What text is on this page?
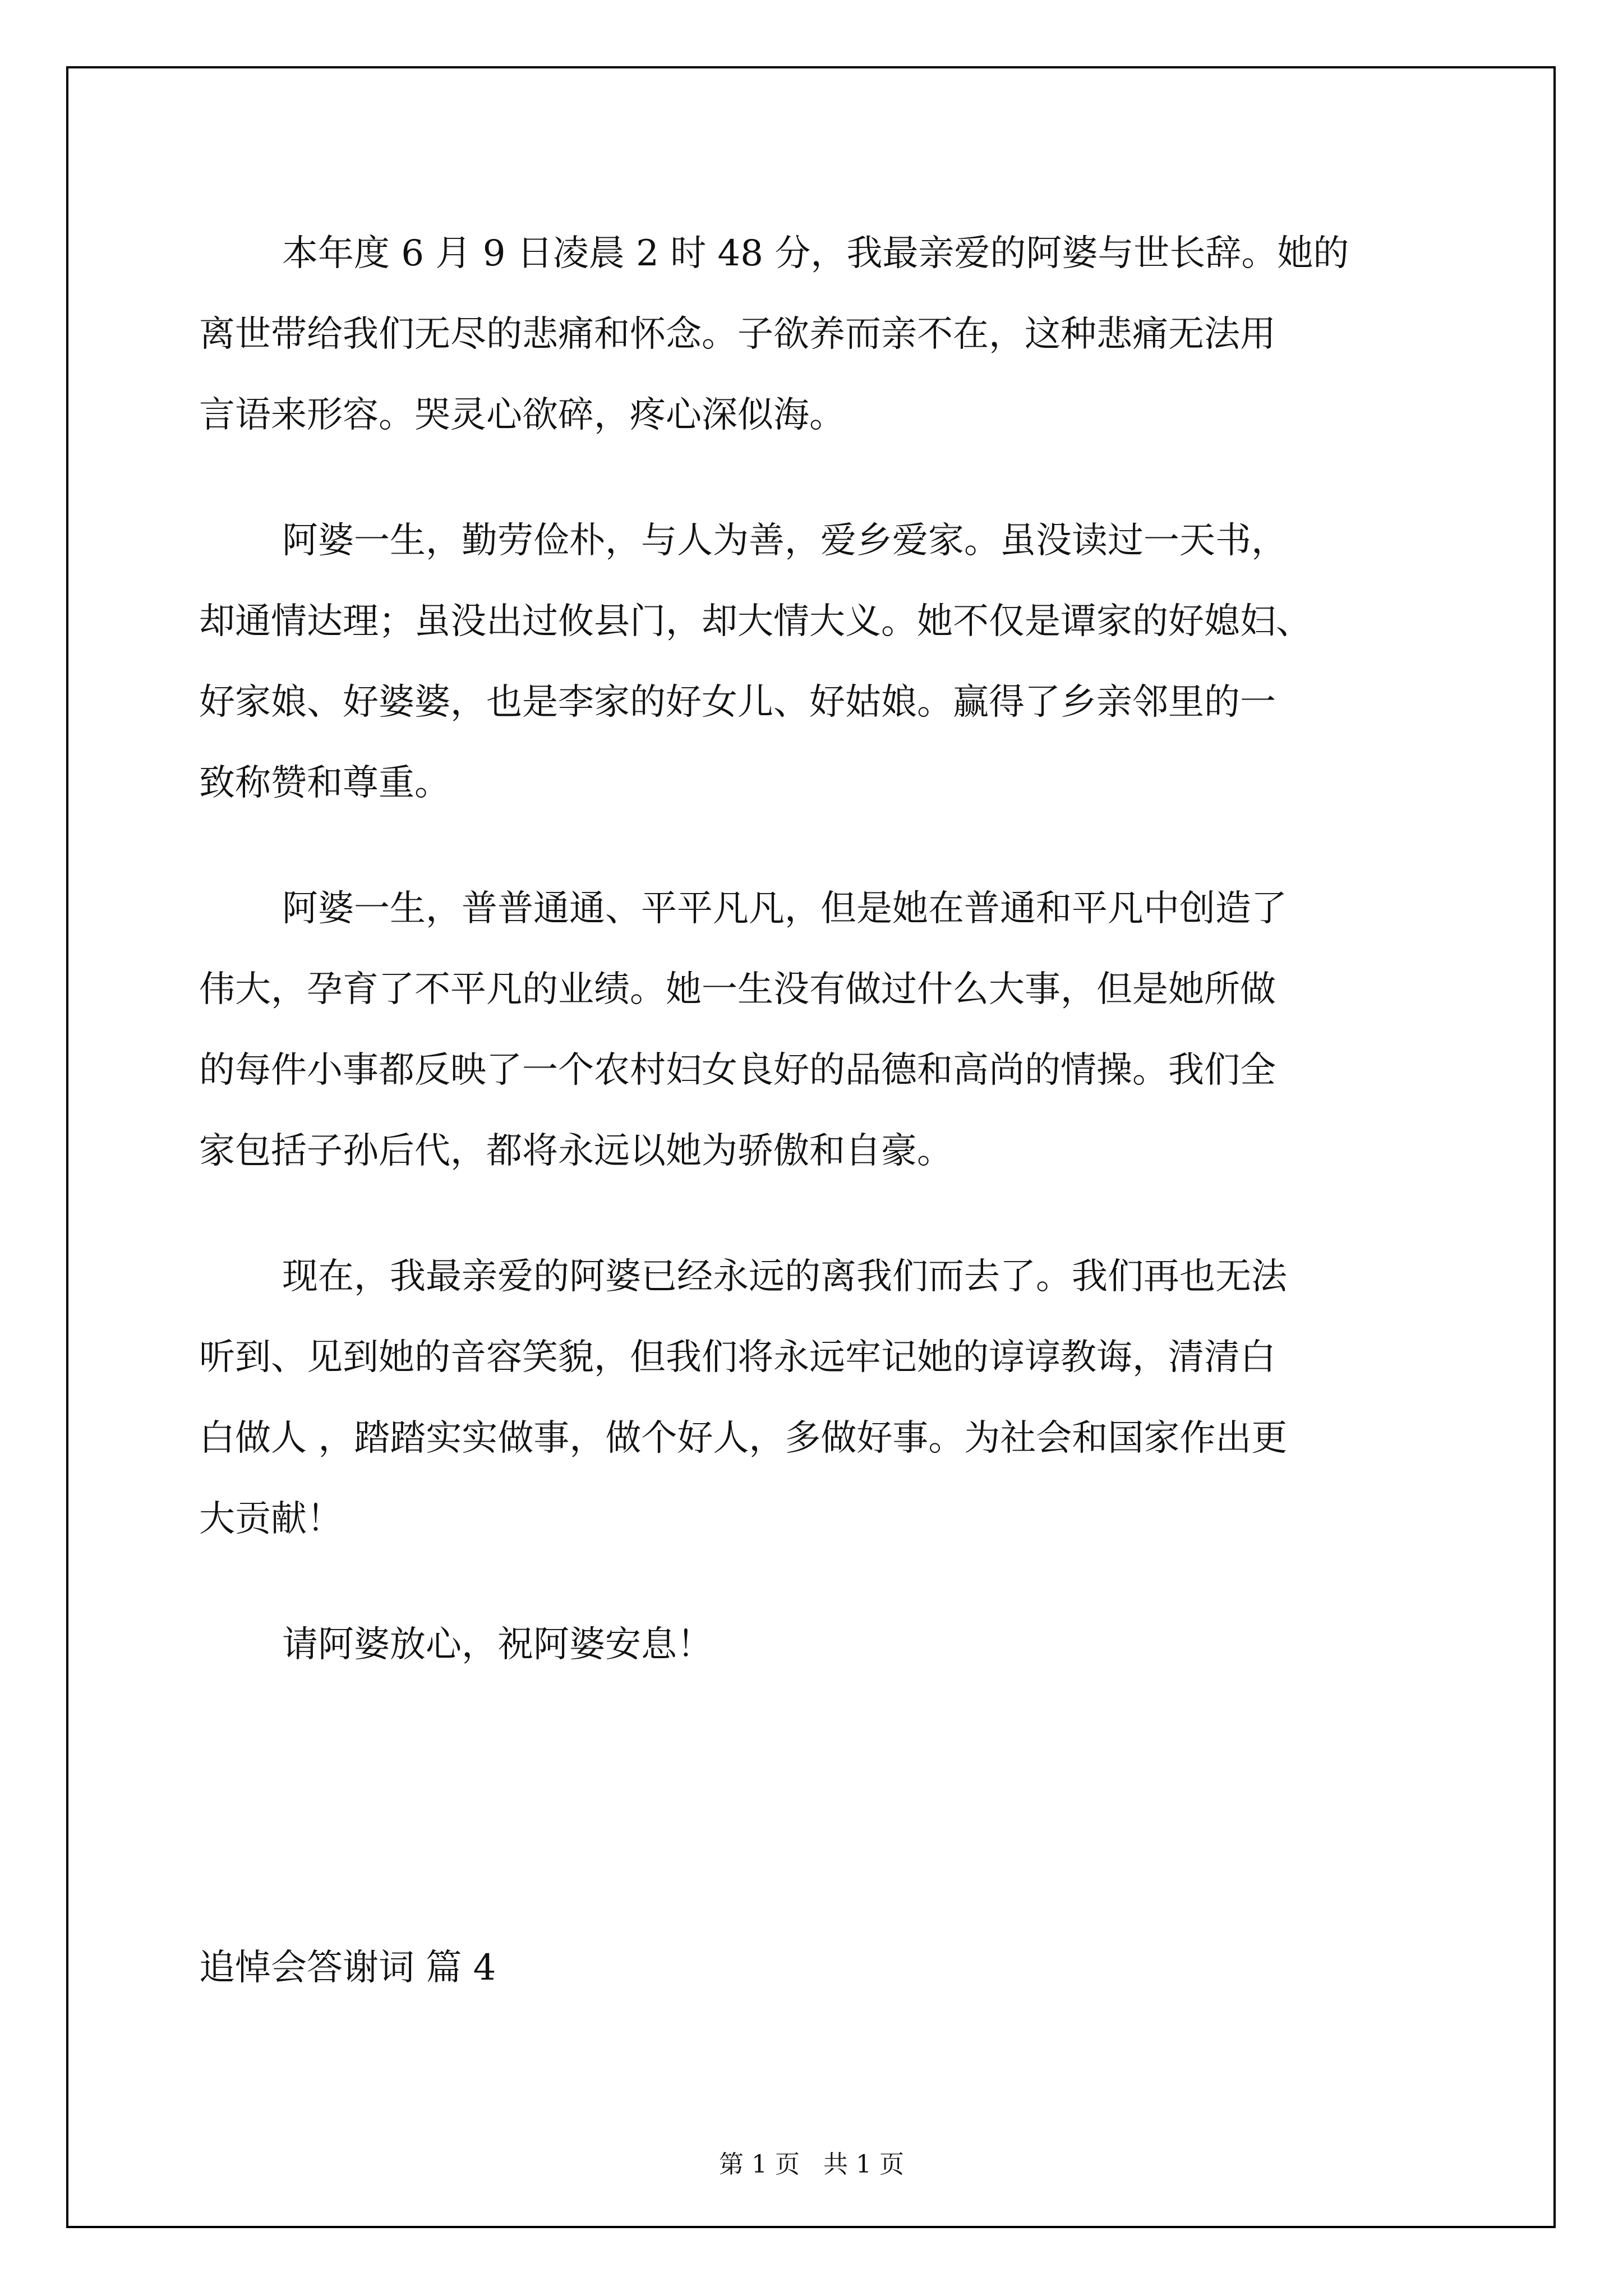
本年度 6 月 9 日凌晨 2 时 48 分，我最亲爱的阿婆与世长辞。她的
离世带给我们无尽的悲痛和怀念。子欲养而亲不在，这种悲痛无法用
言语来形容。哭灵心欲碎，疼心深似海。

阿婆一生，勤劳俭朴，与人为善，爱乡爱家。虽没读过一天书，
却通情达理；虽没出过攸县门，却大情大义。她不仅是谭家的好媳妇、
好家娘、好婆婆，也是李家的好女儿、好姑娘。赢得了乡亲邻里的一
致称赞和尊重。

阿婆一生，普普通通、平平凡凡，但是她在普通和平凡中创造了
伟大，孕育了不平凡的业绩。她一生没有做过什么大事，但是她所做
的每件小事都反映了一个农村妇女良好的品德和高尚的情操。我们全
家包括子孙后代，都将永远以她为骄傲和自豪。

现在，我最亲爱的阿婆已经永远的离我们而去了。我们再也无法
听到、见到她的音容笑貌，但我们将永远牢记她的谆谆教诲，清清白
白做人 ，踏踏实实做事，做个好人，多做好事。为社会和国家作出更
大贡献！

请阿婆放心，祝阿婆安息！

追悼会答谢词 篇 4
第 1 页   共 1 页
